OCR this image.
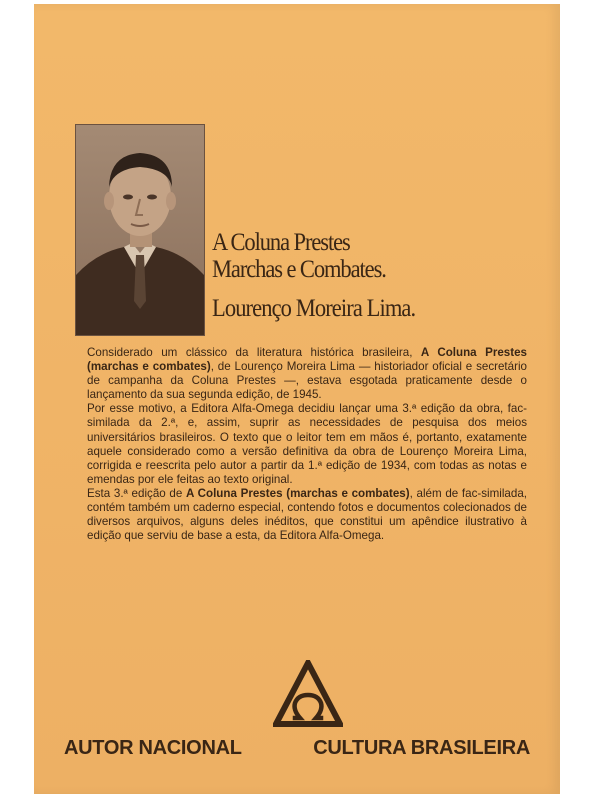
A Coluna Prestes
Marchas e Combates.
Lourenço Moreira Lima.

Considerado um clássico da literatura histórica brasileira, A Coluna Prestes (marchas e combates), de Lourenço Moreira Lima — historiador oficial e secretário de campanha da Coluna Prestes —, estava esgotada praticamente desde o lançamento da sua segunda edição, de 1945.

Por esse motivo, a Editora Alfa-Omega decidiu lançar uma 3.ª edição da obra, fac-similada da 2.ª, e, assim, suprir as necessidades de pesquisa dos meios universitários brasileiros. O texto que o leitor tem em mãos é, portanto, exatamente aquele considerado como a versão definitiva da obra de Lourenço Moreira Lima, corrigida e reescrita pelo autor a partir da 1.ª edição de 1934, com todas as notas e emendas por ele feitas ao texto original.

Esta 3.ª edição de A Coluna Prestes (marchas e combates), além de fac-similada, contém também um caderno especial, contendo fotos e documentos colecionados de diversos arquivos, alguns deles inéditos, que constitui um apêndice ilustrativo à edição que serviu de base a esta, da Editora Alfa-Omega.

AUTOR NACIONAL	CULTURA BRASILEIRA
